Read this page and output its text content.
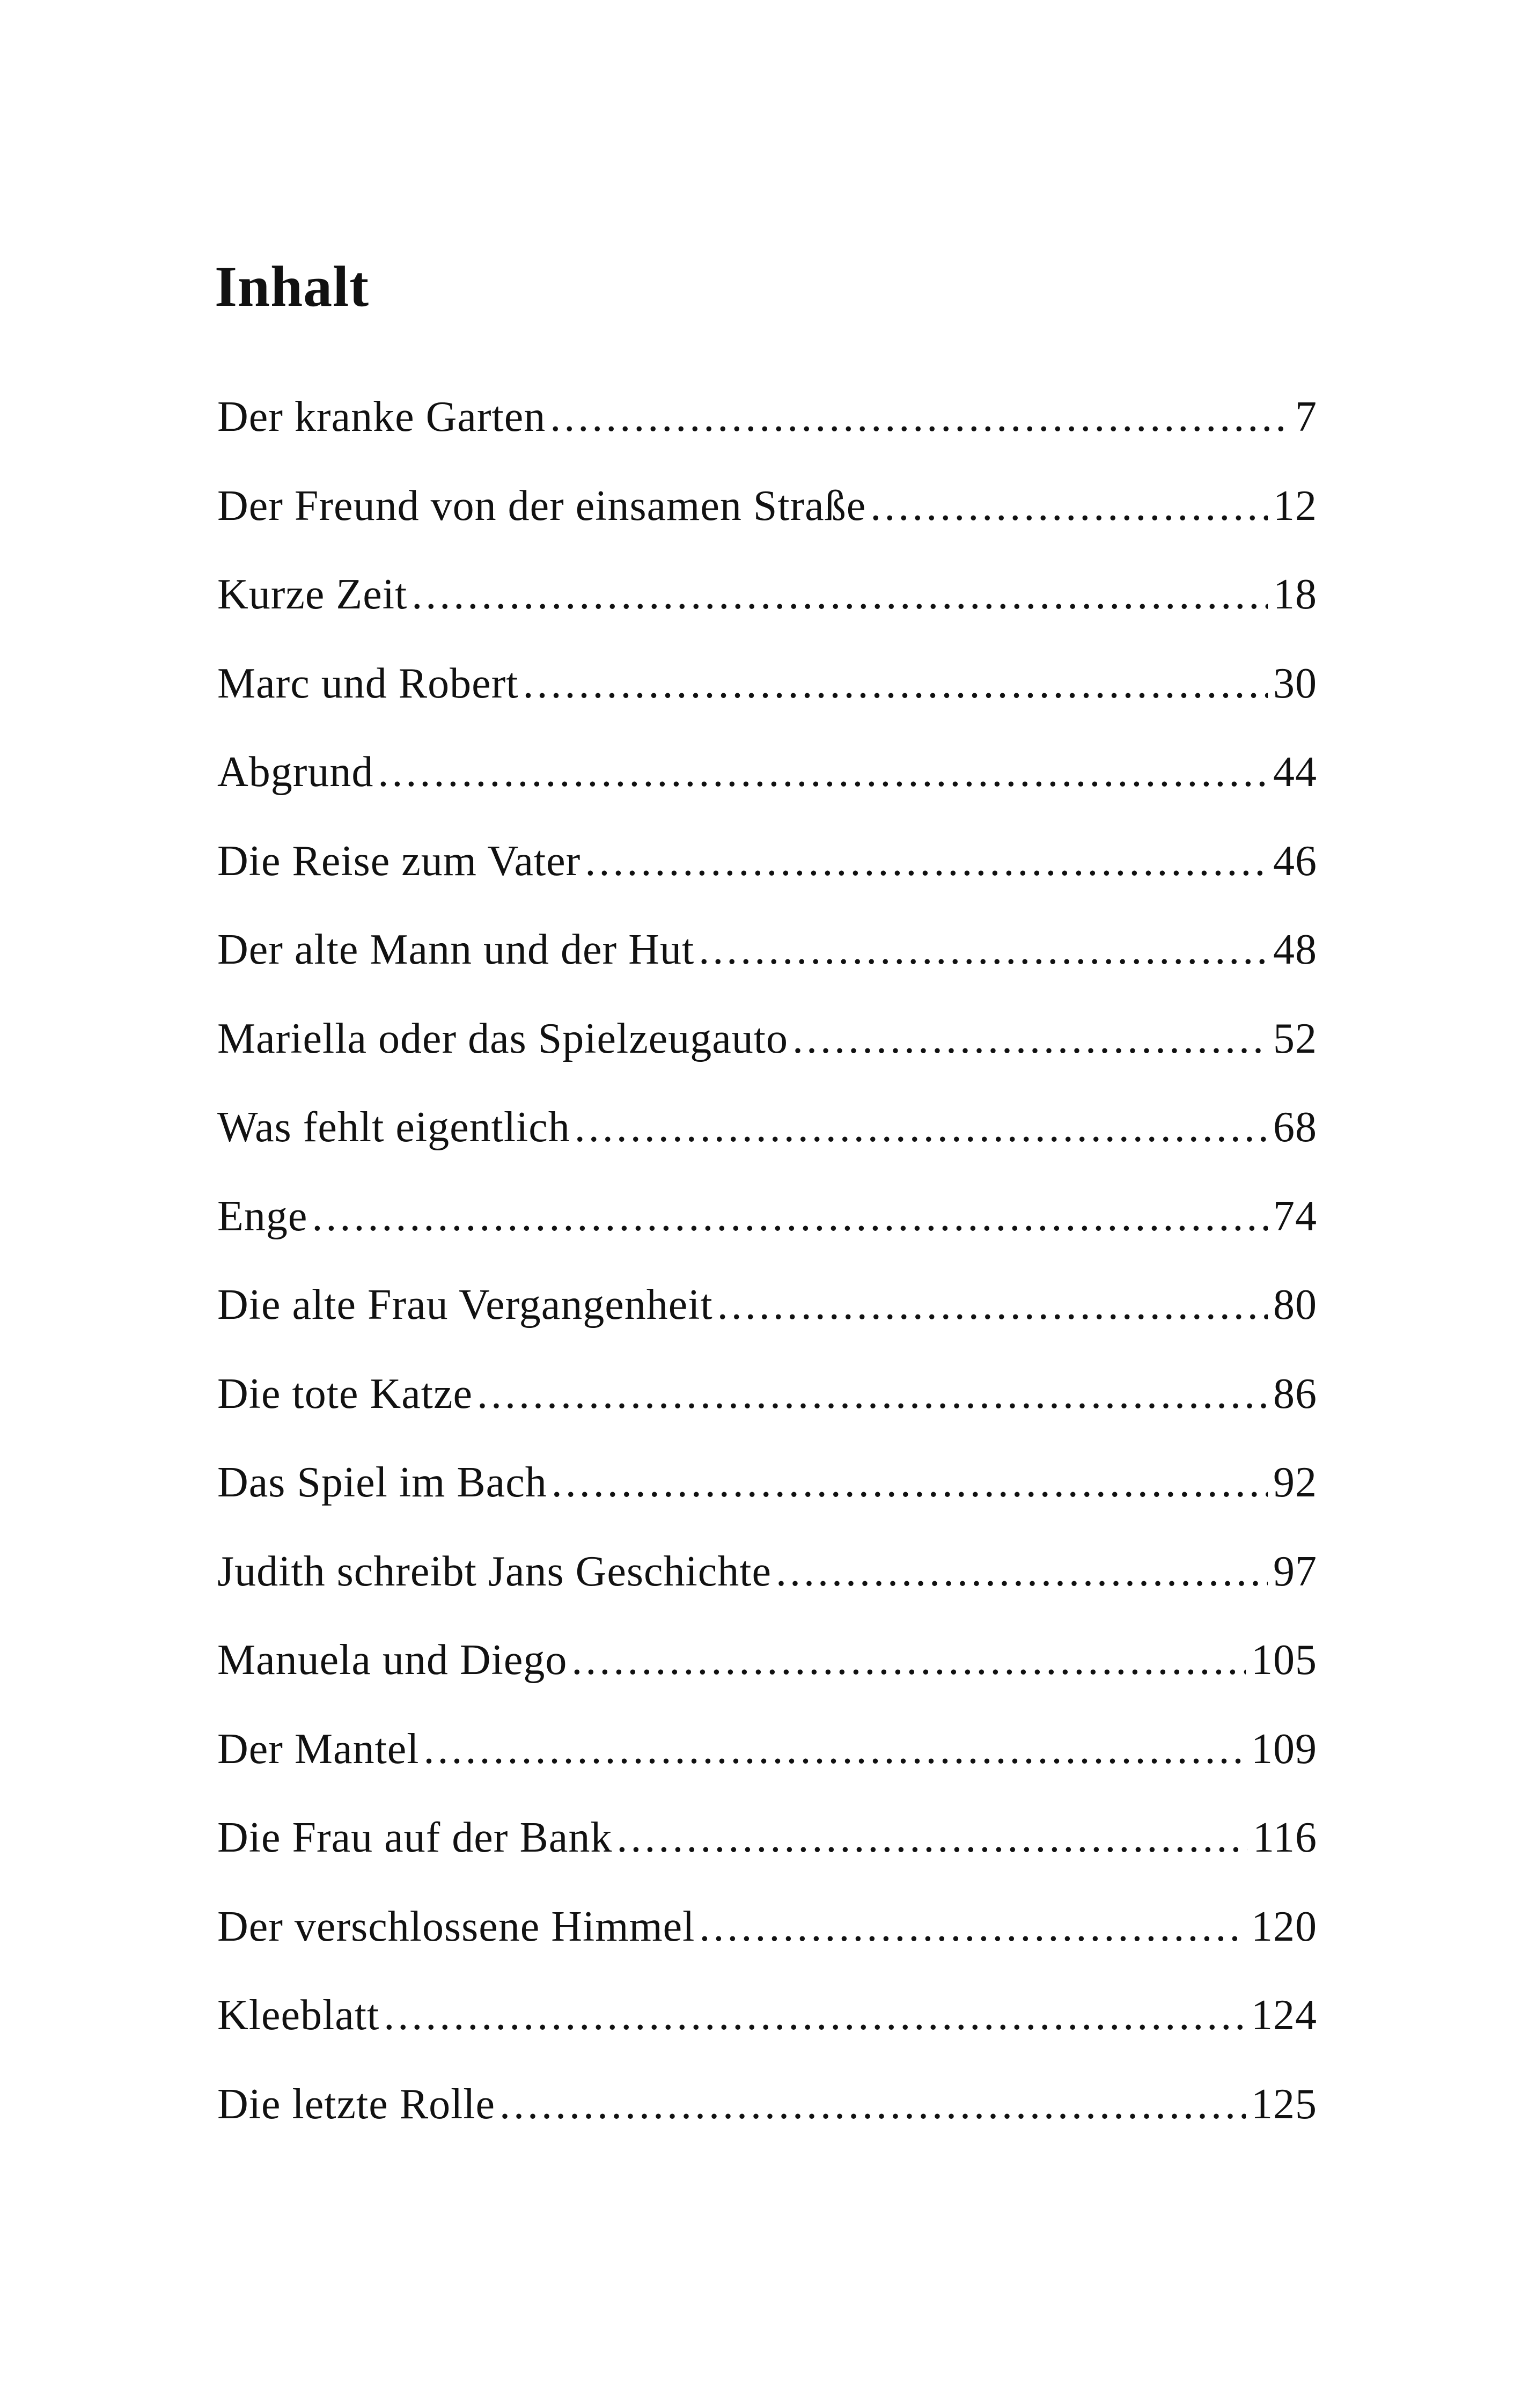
Inhalt
Der kranke Garten .....	7
Der Freund von der einsamen Straße .....	12
Kurze Zeit .....	18
Marc und Robert .....	30
Abgrund .....	44
Die Reise zum Vater .....	46
Der alte Mann und der Hut .....	48
Mariella oder das Spielzeugauto .....	52
Was fehlt eigentlich .....	68
Enge .....	74
Die alte Frau Vergangenheit .....	80
Die tote Katze .....	86
Das Spiel im Bach .....	92
Judith schreibt Jans Geschichte .....	97
Manuela und Diego .....	105
Der Mantel .....	109
Die Frau auf der Bank .....	116
Der verschlossene Himmel .....	120
Kleeblatt .....	124
Die letzte Rolle .....	125
